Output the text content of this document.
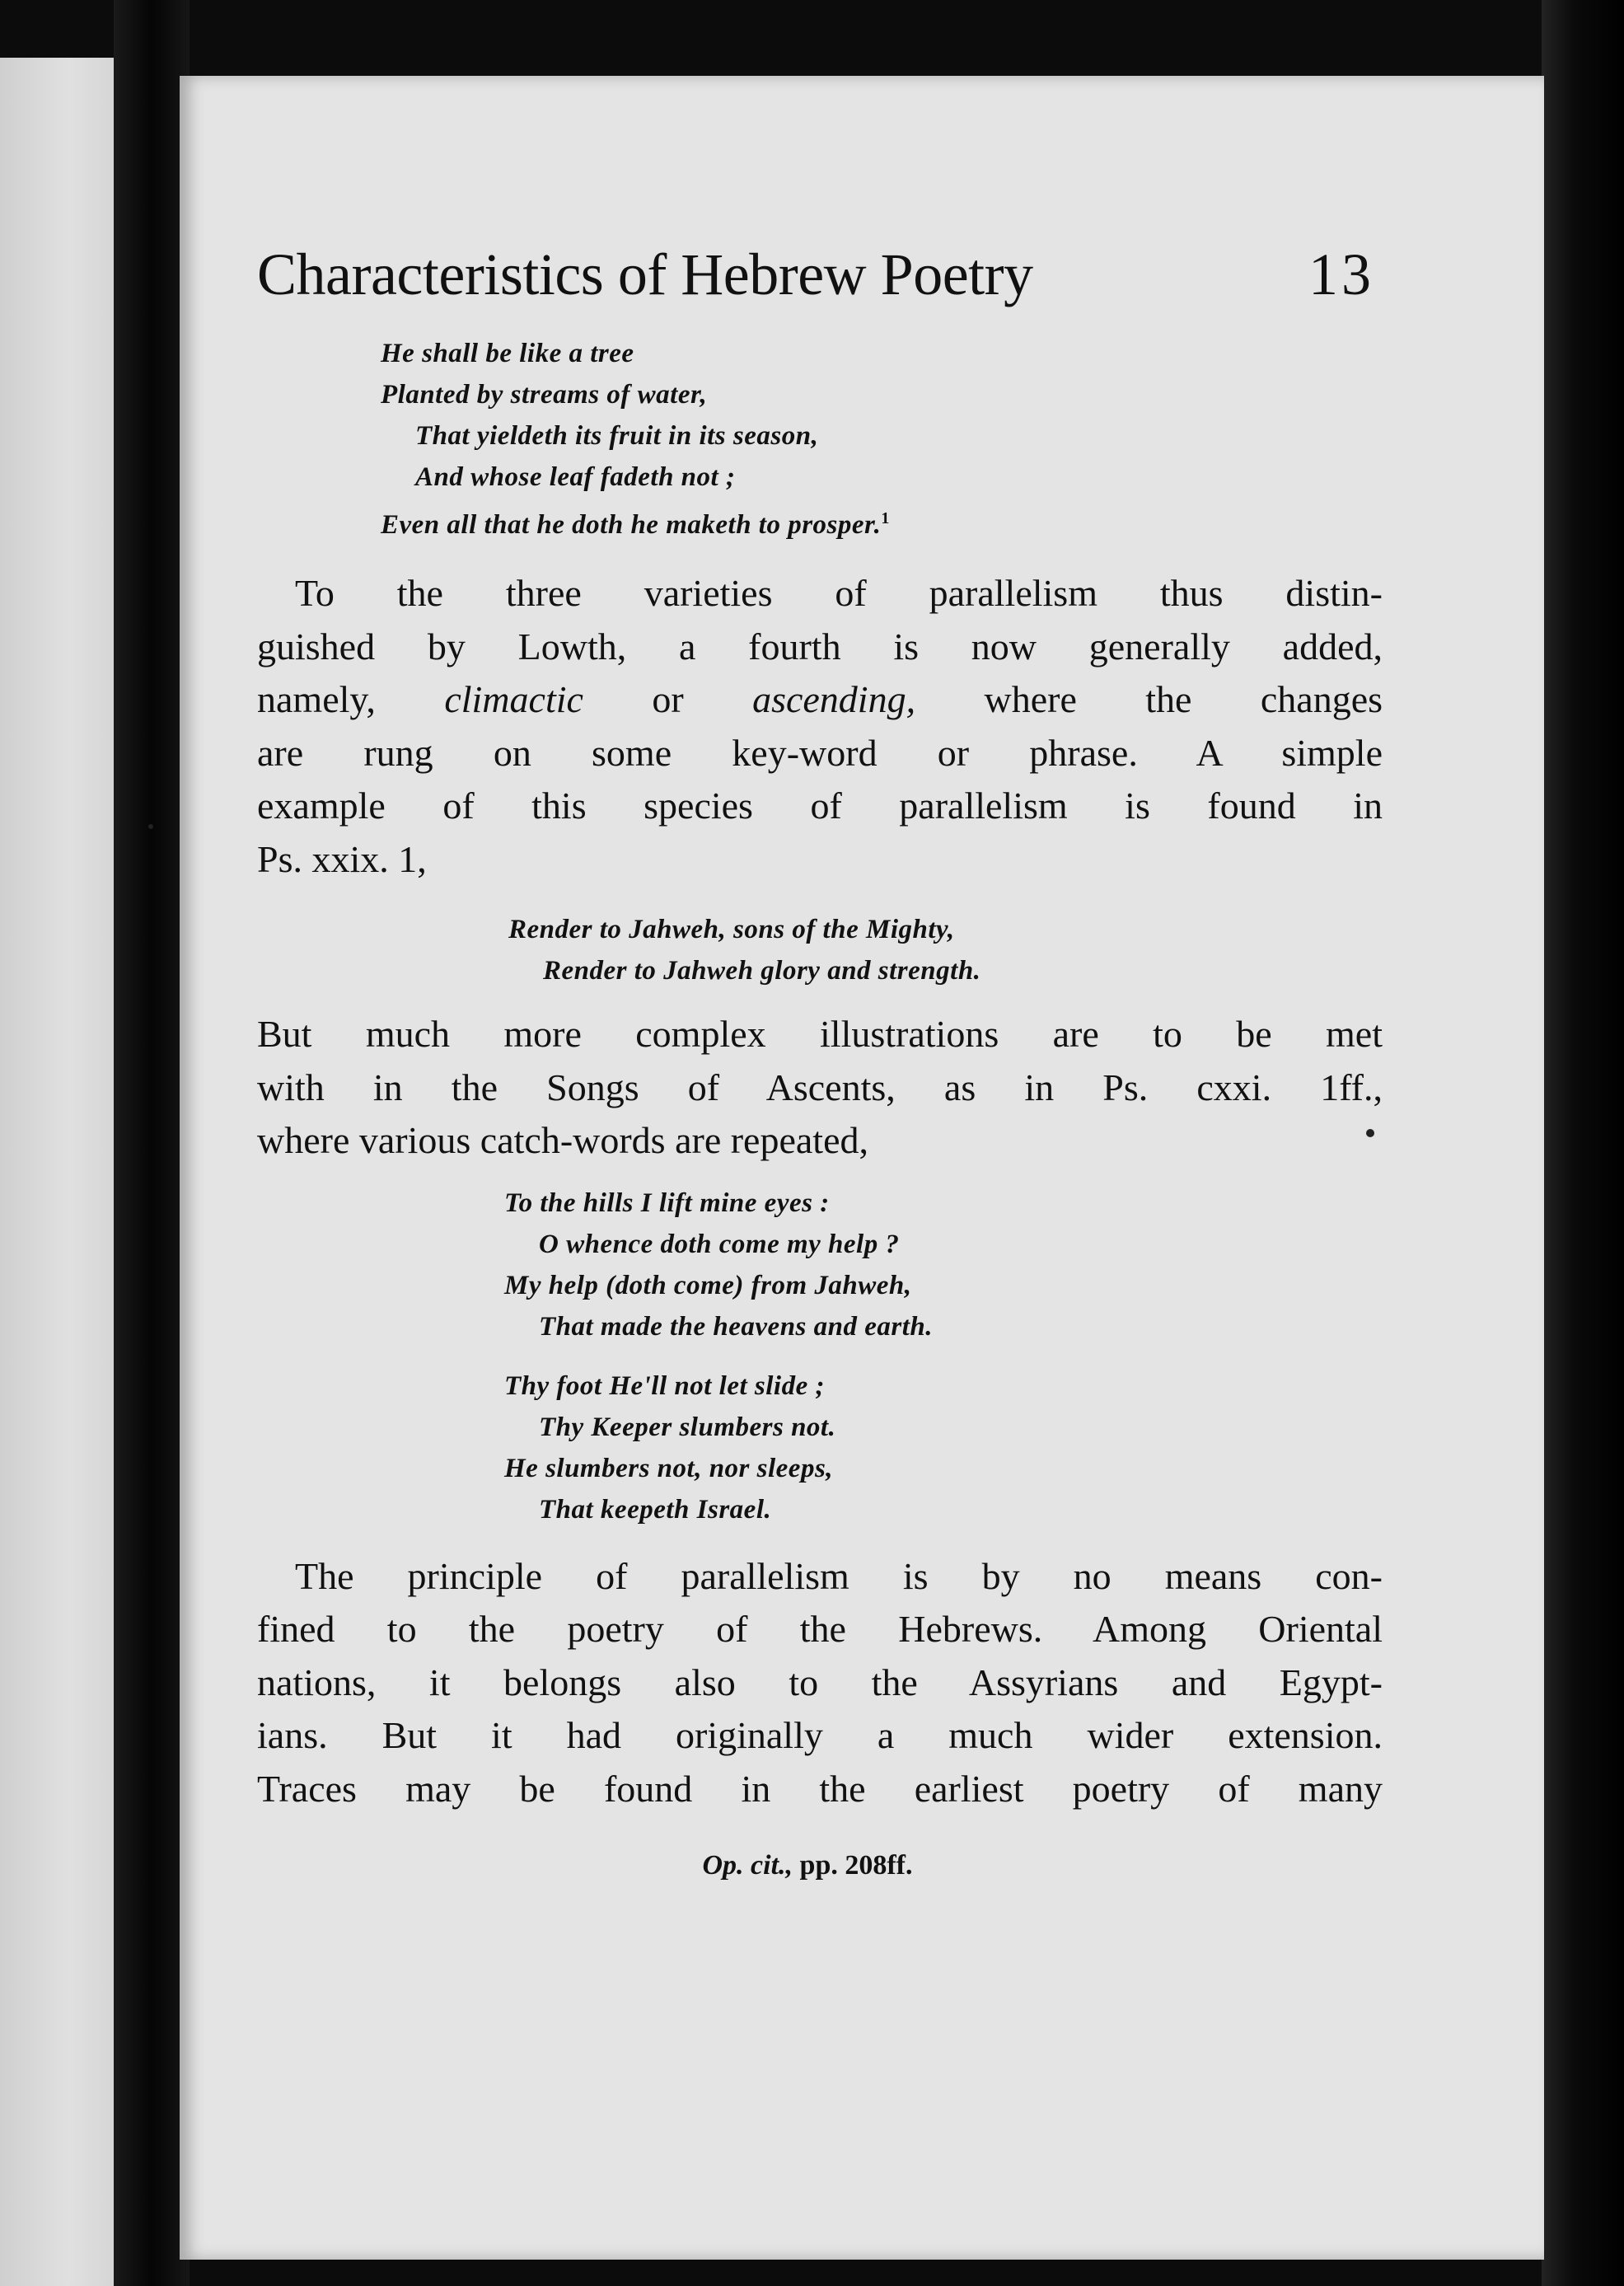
Characteristics of Hebrew Poetry	13
He shall be like a tree
Planted by streams of water,
That yieldeth its fruit in its season,
And whose leaf fadeth not ;
Even all that he doth he maketh to prosper.$^1$
To the three varieties of parallelism thus distin-
guished by Lowth, a fourth is now generally added,
namely, climactic or ascending, where the changes
are rung on some key-word or phrase. A simple
example of this species of parallelism is found in
Ps. xxix. 1,
Render to Jahweh, sons of the Mighty,
Render to Jahweh glory and strength.
But much more complex illustrations are to be met
with in the Songs of Ascents, as in Ps. cxxi. 1ff.,
where various catch-words are repeated,
To the hills I lift mine eyes :
O whence doth come my help ?
My help (doth come) from Jahweh,
That made the heavens and earth.
Thy foot He'll not let slide ;
Thy Keeper slumbers not.
He slumbers not, nor sleeps,
That keepeth Israel.
The principle of parallelism is by no means con-
fined to the poetry of the Hebrews. Among Oriental
nations, it belongs also to the Assyrians and Egypt-
ians. But it had originally a much wider extension.
Traces may be found in the earliest poetry of many
Op. cit., pp. 208ff.
